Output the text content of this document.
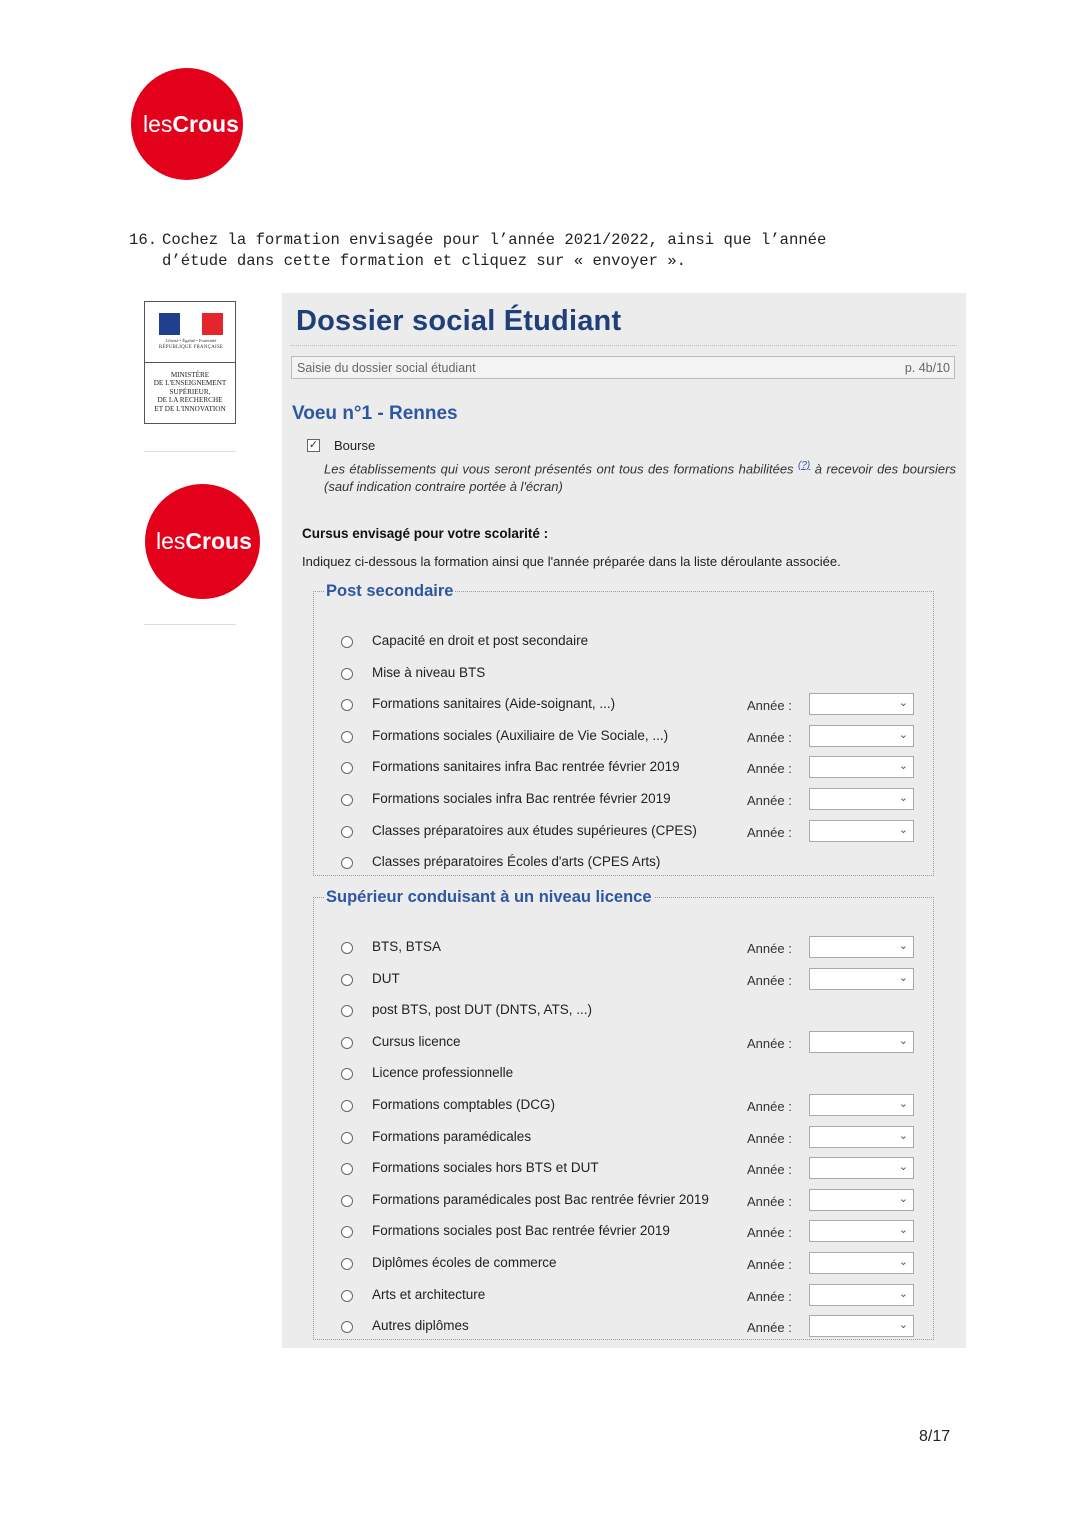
les Crous
16. Cochez la formation envisagée pour l’année 2021/2022, ainsi que l’année
d’étude dans cette formation et cliquez sur « envoyer ».
Liberté • Égalité • Fraternité
RÉPUBLIQUE FRANÇAISE
MINISTÈRE
DE L'ENSEIGNEMENT
SUPÉRIEUR,
DE LA RECHERCHE
ET DE L'INNOVATION
les Crous
Dossier social Étudiant
Saisie du dossier social étudiant	p. 4b/10
Voeu n°1 - Rennes
✓ Bourse
Les établissements qui vous seront présentés ont tous des formations habilitées (?) à recevoir des boursiers (sauf indication contraire portée à l'écran)
Cursus envisagé pour votre scolarité :
Indiquez ci-dessous la formation ainsi que l'année préparée dans la liste déroulante associée.
Post secondaire
Capacité en droit et post secondaire
Mise à niveau BTS
Formations sanitaires (Aide-soignant, ...)	Année :	⌄
Formations sociales (Auxiliaire de Vie Sociale, ...)	Année :	⌄
Formations sanitaires infra Bac rentrée février 2019	Année :	⌄
Formations sociales infra Bac rentrée février 2019	Année :	⌄
Classes préparatoires aux études supérieures (CPES)	Année :	⌄
Classes préparatoires Écoles d'arts (CPES Arts)
Supérieur conduisant à un niveau licence
BTS, BTSA	Année :	⌄
DUT	Année :	⌄
post BTS, post DUT (DNTS, ATS, ...)
Cursus licence	Année :	⌄
Licence professionnelle
Formations comptables (DCG)	Année :	⌄
Formations paramédicales	Année :	⌄
Formations sociales hors BTS et DUT	Année :	⌄
Formations paramédicales post Bac rentrée février 2019	Année :	⌄
Formations sociales post Bac rentrée février 2019	Année :	⌄
Diplômes écoles de commerce	Année :	⌄
Arts et architecture	Année :	⌄
Autres diplômes	Année :	⌄
8/17
